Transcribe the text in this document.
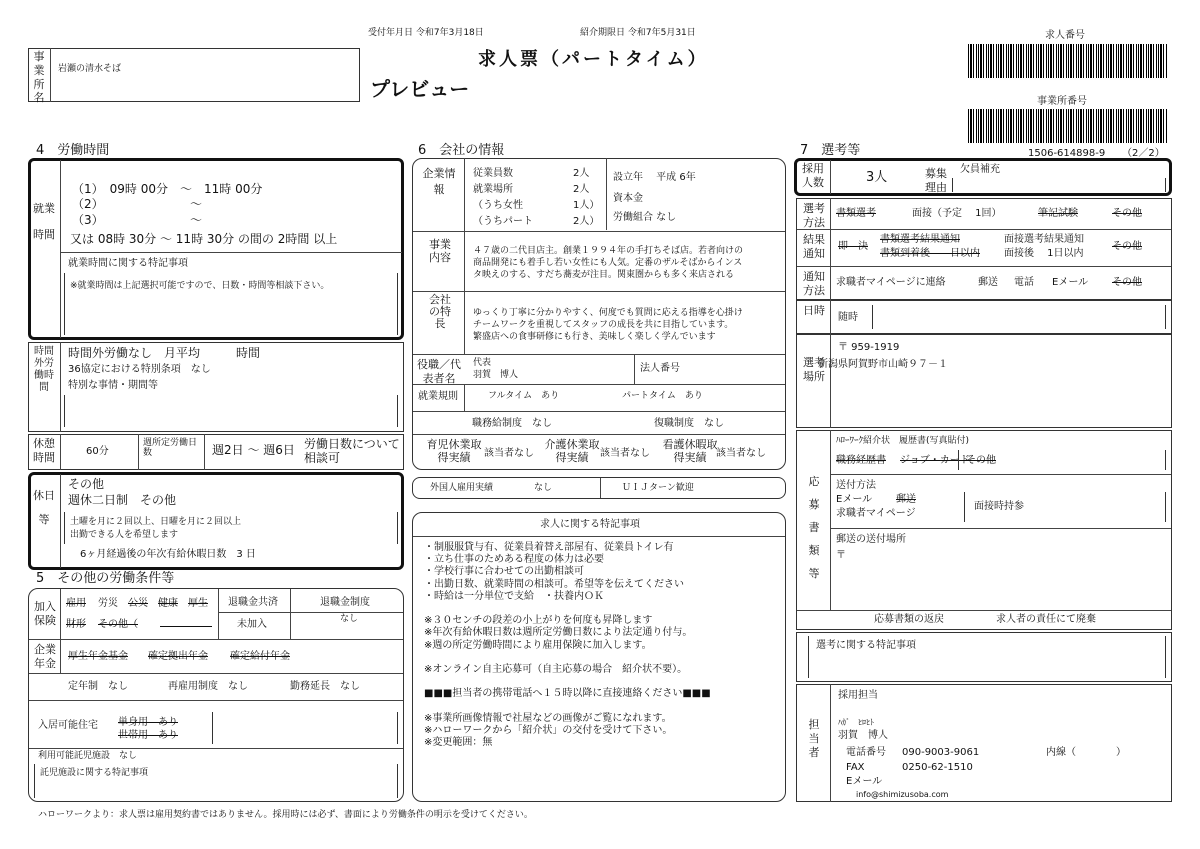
受付年月日 令和7年3月18日	紹介期限日 令和7年5月31日
求人票（パートタイム）
プレビュー
求人番号
事業所番号
1506-614898-9 （2／2）
事業所名
岩瀬の清水そば
4　労働時間
就業時間
（1）　09時 00分　～　11時 00分
（2）	～
（3）	～
又は 08時 30分 ～ 11時 30分 の間の 2時間 以上
就業時間に関する特記事項
※就業時間は上記選択可能ですので、日数・時間等相談下さい。
時間外労働時間
時間外労働なし　月平均　　　時間
36協定における特別条項　なし
特別な事情・期間等
休憩時間	60分
週所定労働日数	週2日 ～ 週6日 労働日数について相談可
休日等
その他
週休二日制　その他
土曜を月に２回以上、日曜を月に２回以上
出勤できる人を希望します
6ヶ月経過後の年次有給休暇日数　3 日
5　その他の労働条件等
加入保険
雇用 労災 公災 健康 厚生
財形 その他（
退職金共済
未加入
退職金制度
なし
企業年金
厚生年金基金 確定拠出年金 確定給付年金
定年制　なし	再雇用制度　なし	勤務延長　なし
入居可能住宅 単身用　あり
世帯用　あり
利用可能託児施設　なし
託児施設に関する特記事項
6　会社の情報
企業情報
従業員数	2人
就業場所	2人
（うち女性	1人）
（うちパート	2人）
設立年　 平成 6年
資本金
労働組合 なし
事業内容
４７歳の二代目店主。創業１９９４年の手打ちそば店。若者向けの
商品開発にも着手し若い女性にも人気。定番のザルそばからインス
タ映えのする、すだち蕎麦が注目。関東圏からも多く来店される
会社の特長
ゆっくり丁寧に分かりやすく、何度でも質問に応える指導を心掛け
チームワークを重視してスタッフの成長を共に目指しています。
繁盛店への食事研修にも行き、美味しく楽しく学んでいます
役職／代表者名
代表
羽賀　博人
法人番号
就業規則	フルタイム　あり	パートタイム　あり
職務給制度　なし	復職制度　なし
育児休業取得実績	該当者なし
介護休業取得実績	該当者なし
看護休暇取得実績 該当者なし
外国人雇用実績	なし	ＵＩＪターン歓迎
求人に関する特記事項
・制服服貸与有、従業員着替え部屋有、従業員トイレ有
・立ち仕事のためある程度の体力は必要
・学校行事に合わせての出勤相談可
・出勤日数、就業時間の相談可。希望等を伝えてください
・時給は一分単位で支給　・扶養内ＯＫ
※３０センチの段差の小上がりを何度も昇降します
※年次有給休暇日数は週所定労働日数により法定通り付与。
※週の所定労働時間により雇用保険に加入します。
※オンライン自主応募可（自主応募の場合　紹介状不要）。
■■■担当者の携帯電話へ１５時以降に直接連絡ください■■■
※事業所画像情報で社屋などの画像がご覧になれます。
※ハローワークから「紹介状」の交付を受けて下さい。
※変更範囲：無
7　選考等
採用人数	3人	募集理由
欠員補充
選考方法
書類選考	面接（予定　 1回）	筆記試験	その他
結果通知
即　決
書類選考結果通知
書類到着後　　日以内
面接選考結果通知
面接後　 1日以内
その他
通知方法
求職者マイページに連絡	郵送 電話 Eメール その他
日時
随時
選考場所
〒 959-1919
新潟県阿賀野市山崎９７－１
応募書類等
ﾊﾛｰﾜｰｸ紹介状　履歴書(写真貼付)
職務経歴書 ジョブ・カード
その他
送付方法
Eメール 郵送
求職者マイページ
面接時持参
郵送の送付場所
〒
応募書類の返戻	求人者の責任にて廃棄
選考に関する特記事項
担当者
採用担当
ﾊｶﾞ　ﾋﾛﾋﾄ
羽賀　博人
電話番号 090-9003-9061	内線（　　　　）
FAX	0250-62-1510
Eメール
info@shimizusoba.com
ハローワークより：求人票は雇用契約書ではありません。採用時には必ず、書面により労働条件の明示を受けてください。
